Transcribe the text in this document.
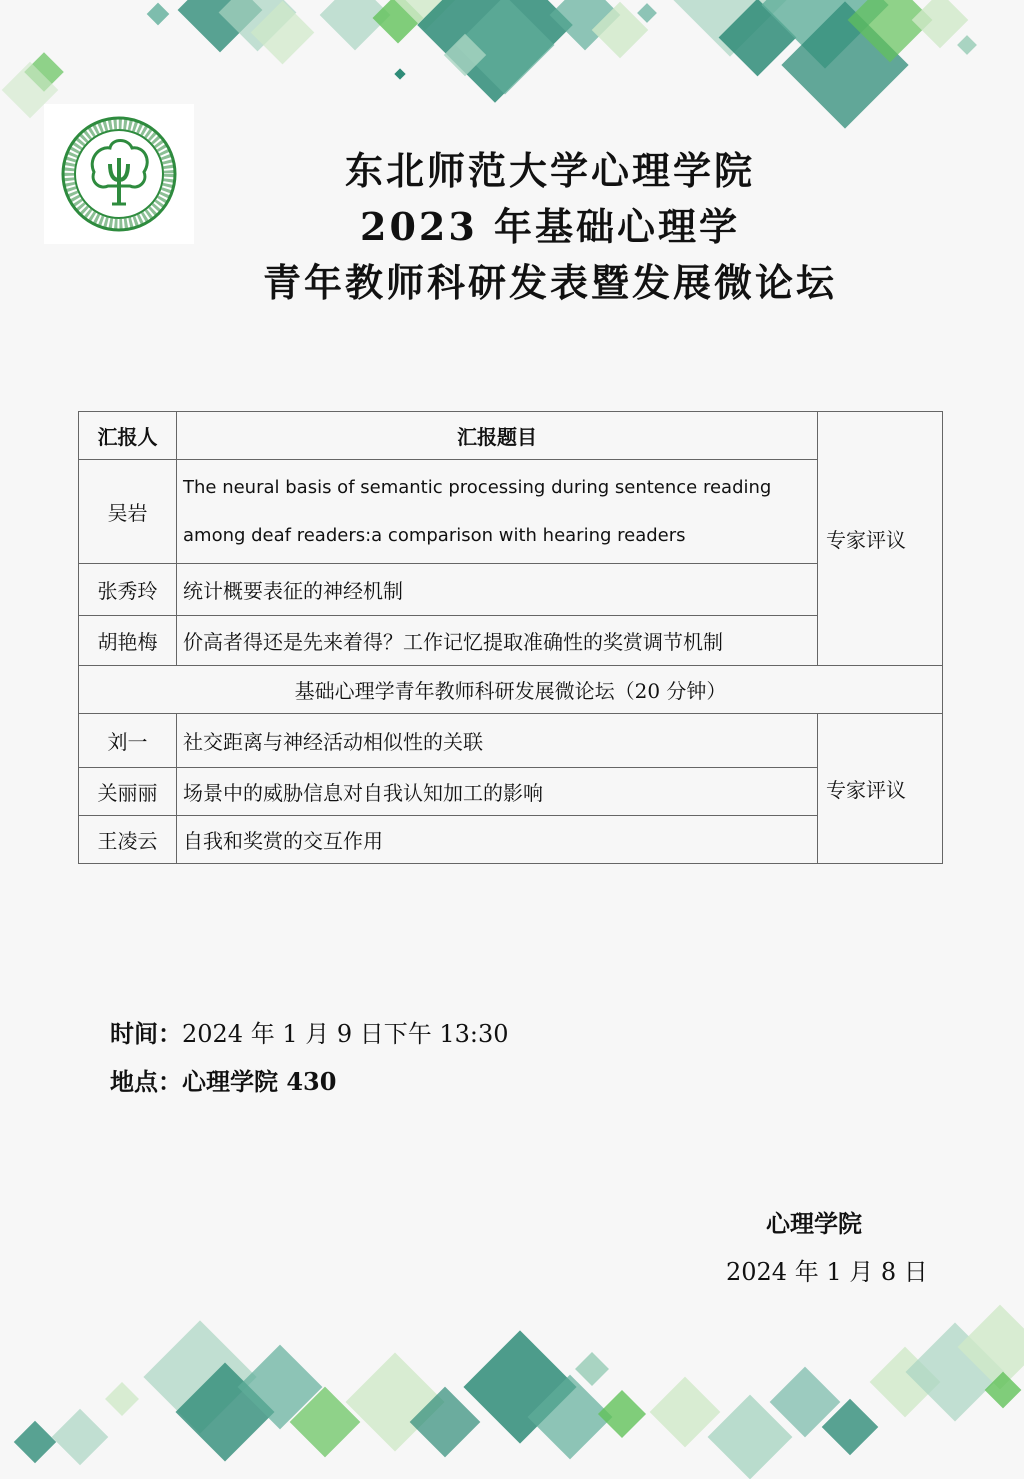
东北师范大学心理学院
2023 年基础心理学
青年教师科研发表暨发展微论坛
汇报人	汇报题目	专家评议
吴岩	The neural basis of semantic processing during sentence reading
among deaf readers:a comparison with hearing readers	

张秀玲	统计概要表征的神经机制	
胡艳梅	价高者得还是先来着得？工作记忆提取准确性的奖赏调节机制	
基础心理学青年教师科研发展微论坛（20 分钟）		
刘一	社交距离与神经活动相似性的关联	专家评议
关丽丽	场景中的威胁信息对自我认知加工的影响	
王凌云	自我和奖赏的交互作用	
时间：2024 年 1 月 9 日下午 13:30
地点：心理学院 430
心理学院
2024 年 1 月 8 日
